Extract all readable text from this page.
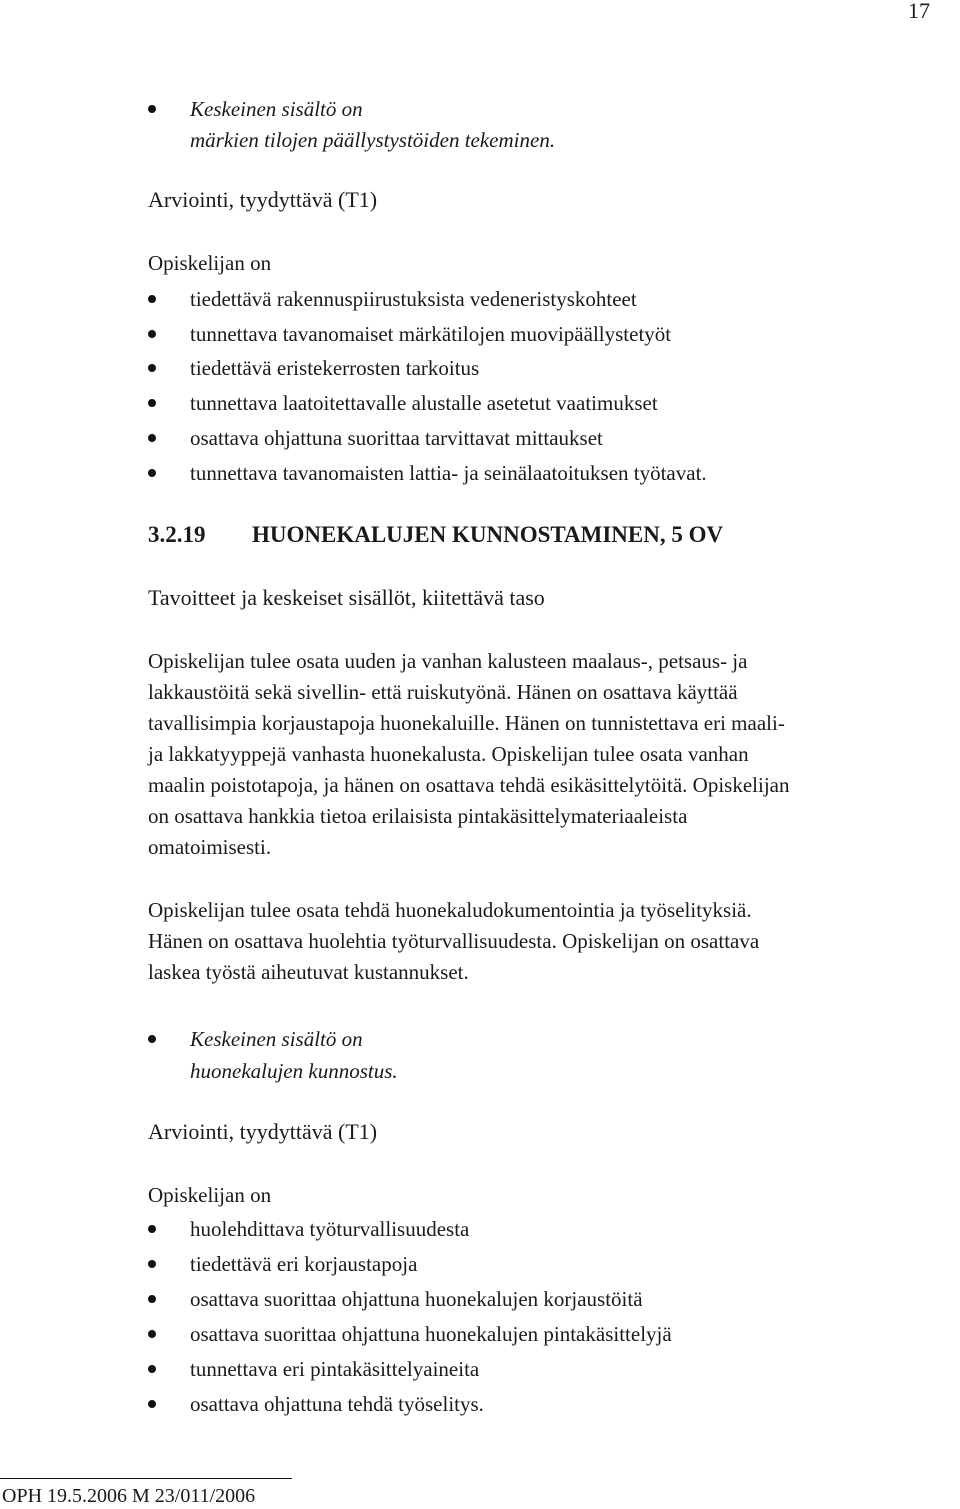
17
Keskeinen sisältö on
märkien tilojen päällystystöiden tekeminen.
Arviointi, tyydyttävä (T1)
Opiskelijan on
tiedettävä rakennuspiirustuksista vedeneristyskohteet
tunnettava tavanomaiset märkätilojen muovipäällystetyöt
tiedettävä eristekerrosten tarkoitus
tunnettava laatoitettavalle alustalle asetetut vaatimukset
osattava ohjattuna suorittaa tarvittavat mittaukset
tunnettava tavanomaisten lattia- ja seinälaatoituksen työtavat.
3.2.19 HUONEKALUJEN KUNNOSTAMINEN, 5 OV
Tavoitteet ja keskeiset sisällöt, kiitettävä taso
Opiskelijan tulee osata uuden ja vanhan kalusteen maalaus-, petsaus- ja
lakkaustöitä sekä sivellin- että ruiskutyönä. Hänen on osattava käyttää
tavallisimpia korjaustapoja huonekaluille. Hänen on tunnistettava eri maali-
ja lakkatyyppejä vanhasta huonekalusta. Opiskelijan tulee osata vanhan
maalin poistotapoja, ja hänen on osattava tehdä esikäsittelytöitä. Opiskelijan
on osattava hankkia tietoa erilaisista pintakäsittelymateriaaleista
omatoimisesti.
Opiskelijan tulee osata tehdä huonekaludokumentointia ja työselityksiä.
Hänen on osattava huolehtia työturvallisuudesta. Opiskelijan on osattava
laskea työstä aiheutuvat kustannukset.
Keskeinen sisältö on
huonekalujen kunnostus.
Arviointi, tyydyttävä (T1)
Opiskelijan on
huolehdittava työturvallisuudesta
tiedettävä eri korjaustapoja
osattava suorittaa ohjattuna huonekalujen korjaustöitä
osattava suorittaa ohjattuna huonekalujen pintakäsittelyjä
tunnettava eri pintakäsittelyaineita
osattava ohjattuna tehdä työselitys.
OPH 19.5.2006 M 23/011/2006
